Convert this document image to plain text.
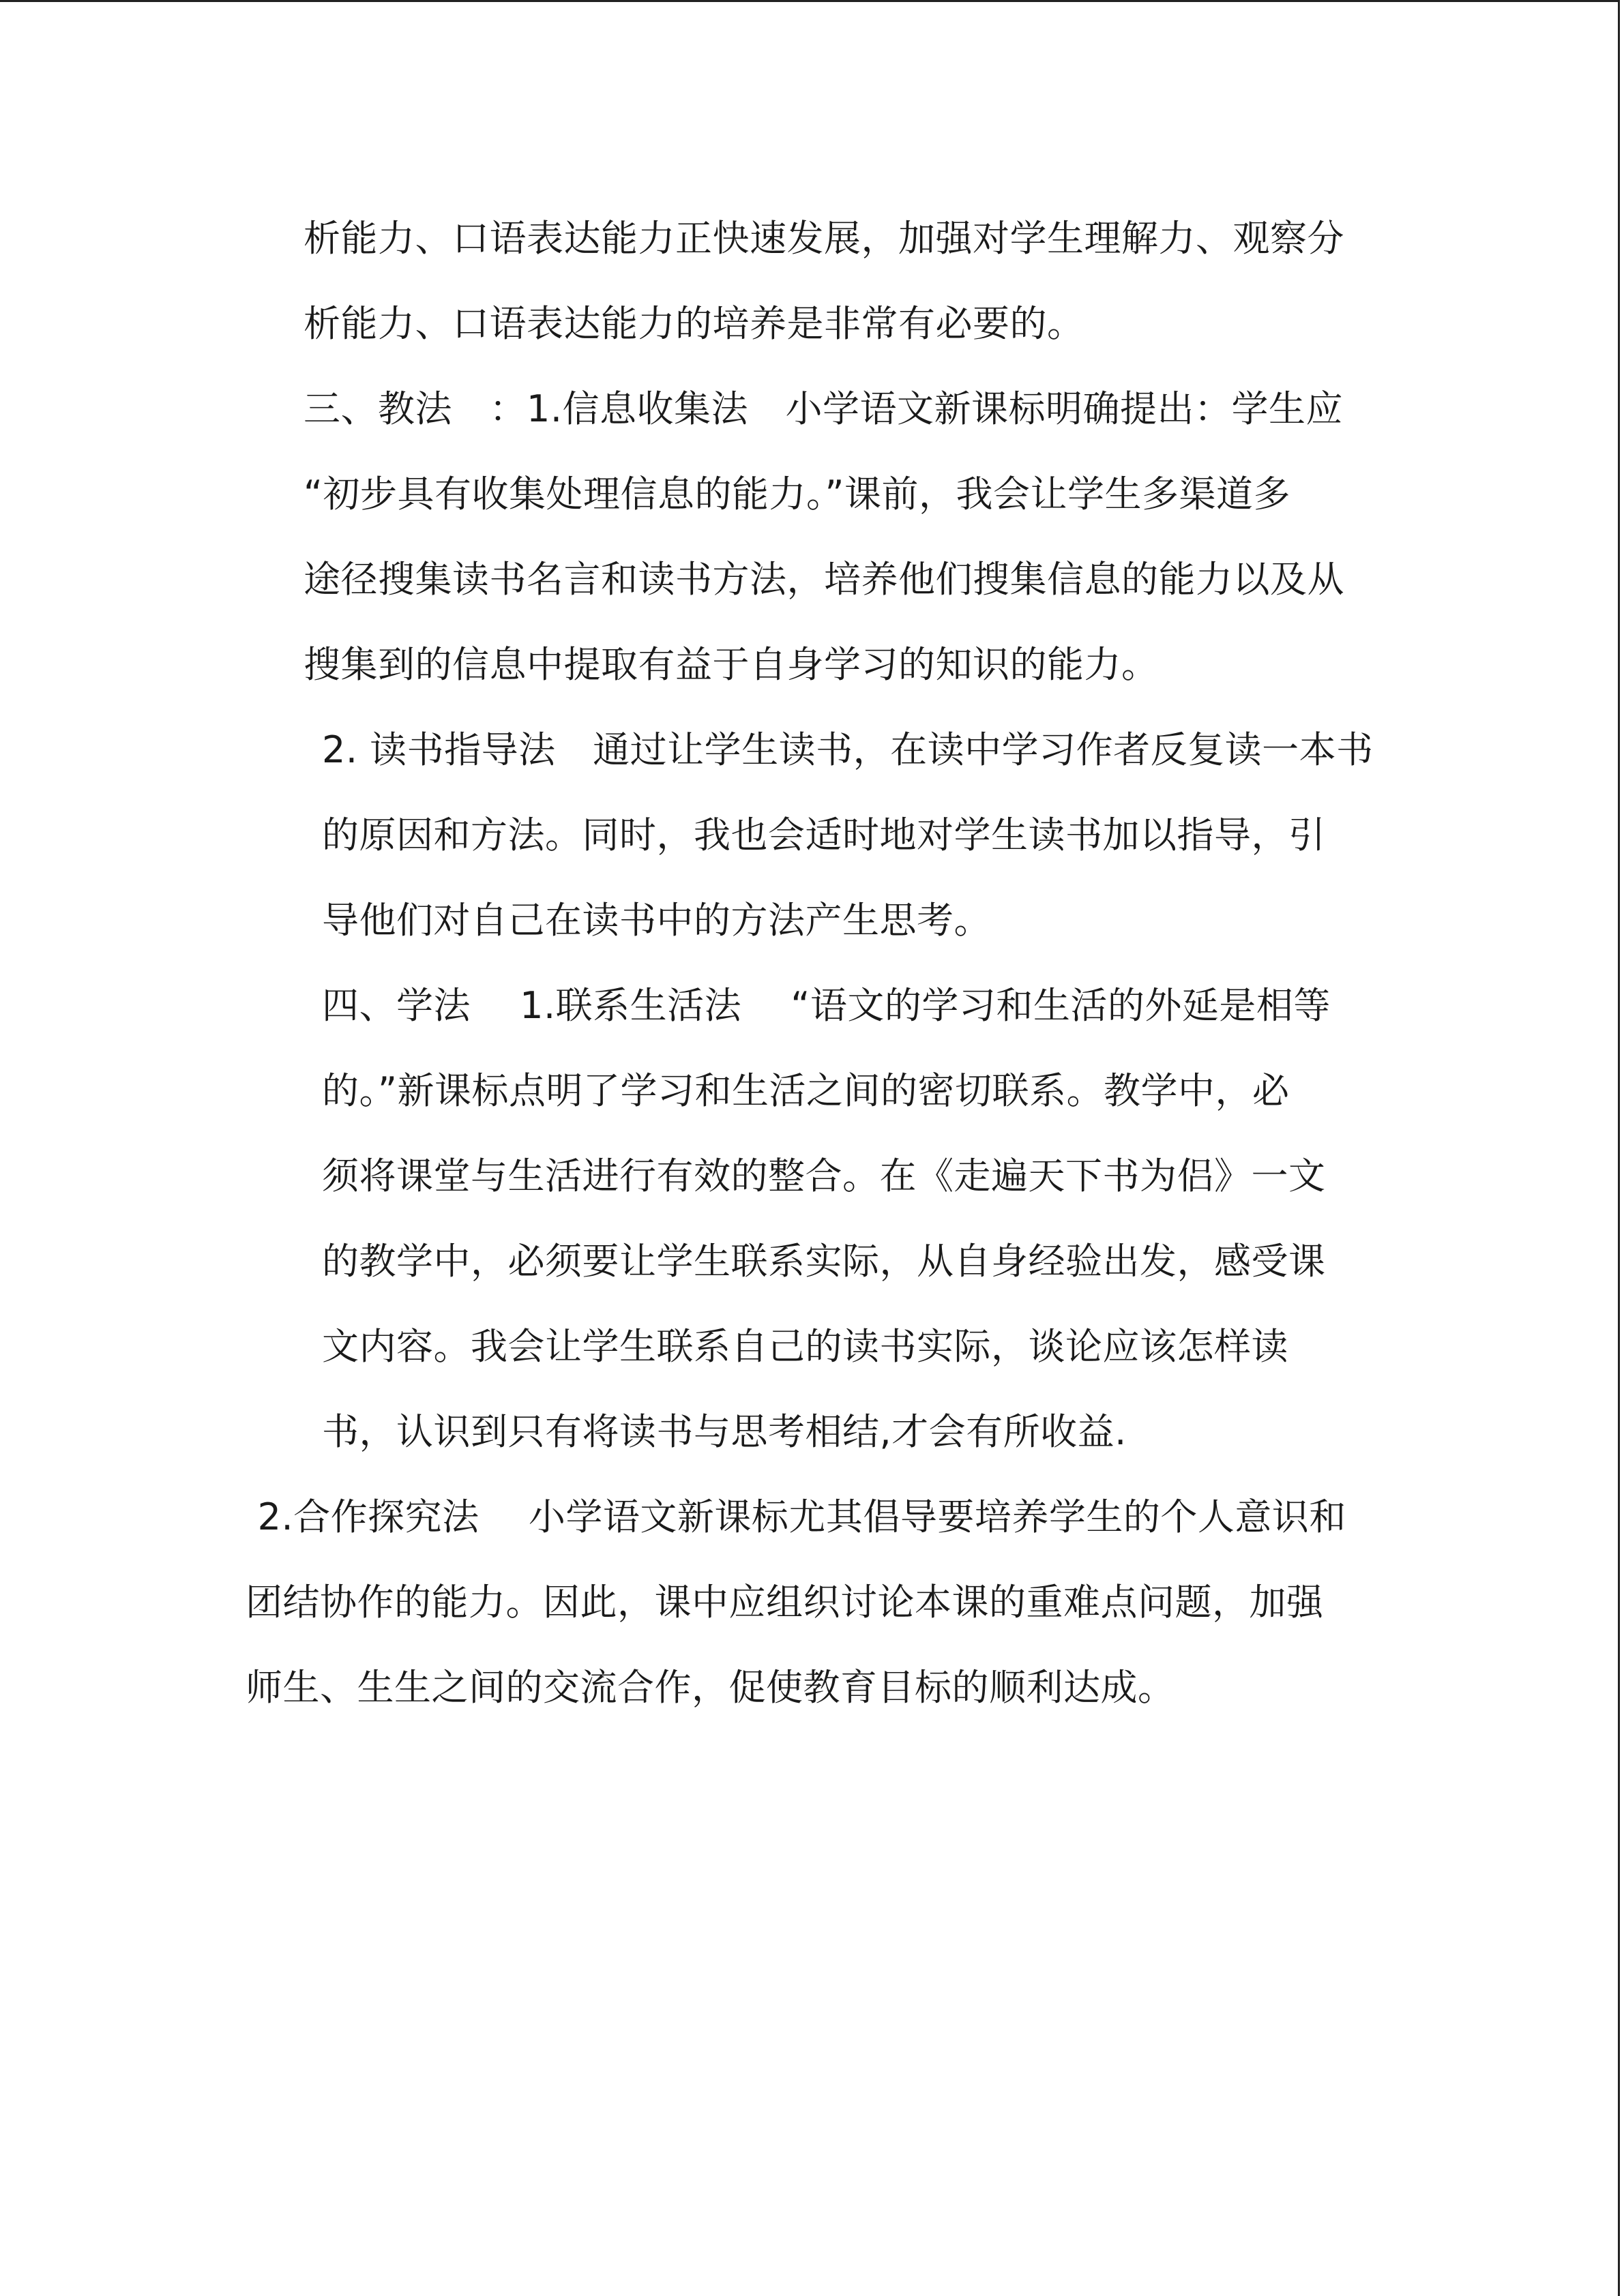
析能力、口语表达能力正快速发展，加强对学生理解力、观察分
析能力、口语表达能力的培养是非常有必要的。
三、教法　：1.信息收集法　小学语文新课标明确提出：学生应
“初步具有收集处理信息的能力。”课前，我会让学生多渠道多
途径搜集读书名言和读书方法，培养他们搜集信息的能力以及从
搜集到的信息中提取有益于自身学习的知识的能力。
2. 读书指导法　通过让学生读书，在读中学习作者反复读一本书
的原因和方法。同时，我也会适时地对学生读书加以指导，引
导他们对自己在读书中的方法产生思考。
四、学法　 1.联系生活法　 “语文的学习和生活的外延是相等
的。”新课标点明了学习和生活之间的密切联系。教学中，必
须将课堂与生活进行有效的整合。在《走遍天下书为侣》一文
的教学中，必须要让学生联系实际，从自身经验出发，感受课
文内容。我会让学生联系自己的读书实际，谈论应该怎样读
书，认识到只有将读书与思考相结,才会有所收益.
2.合作探究法　 小学语文新课标尤其倡导要培养学生的个人意识和
团结协作的能力。因此，课中应组织讨论本课的重难点问题，加强
师生、生生之间的交流合作，促使教育目标的顺利达成。
